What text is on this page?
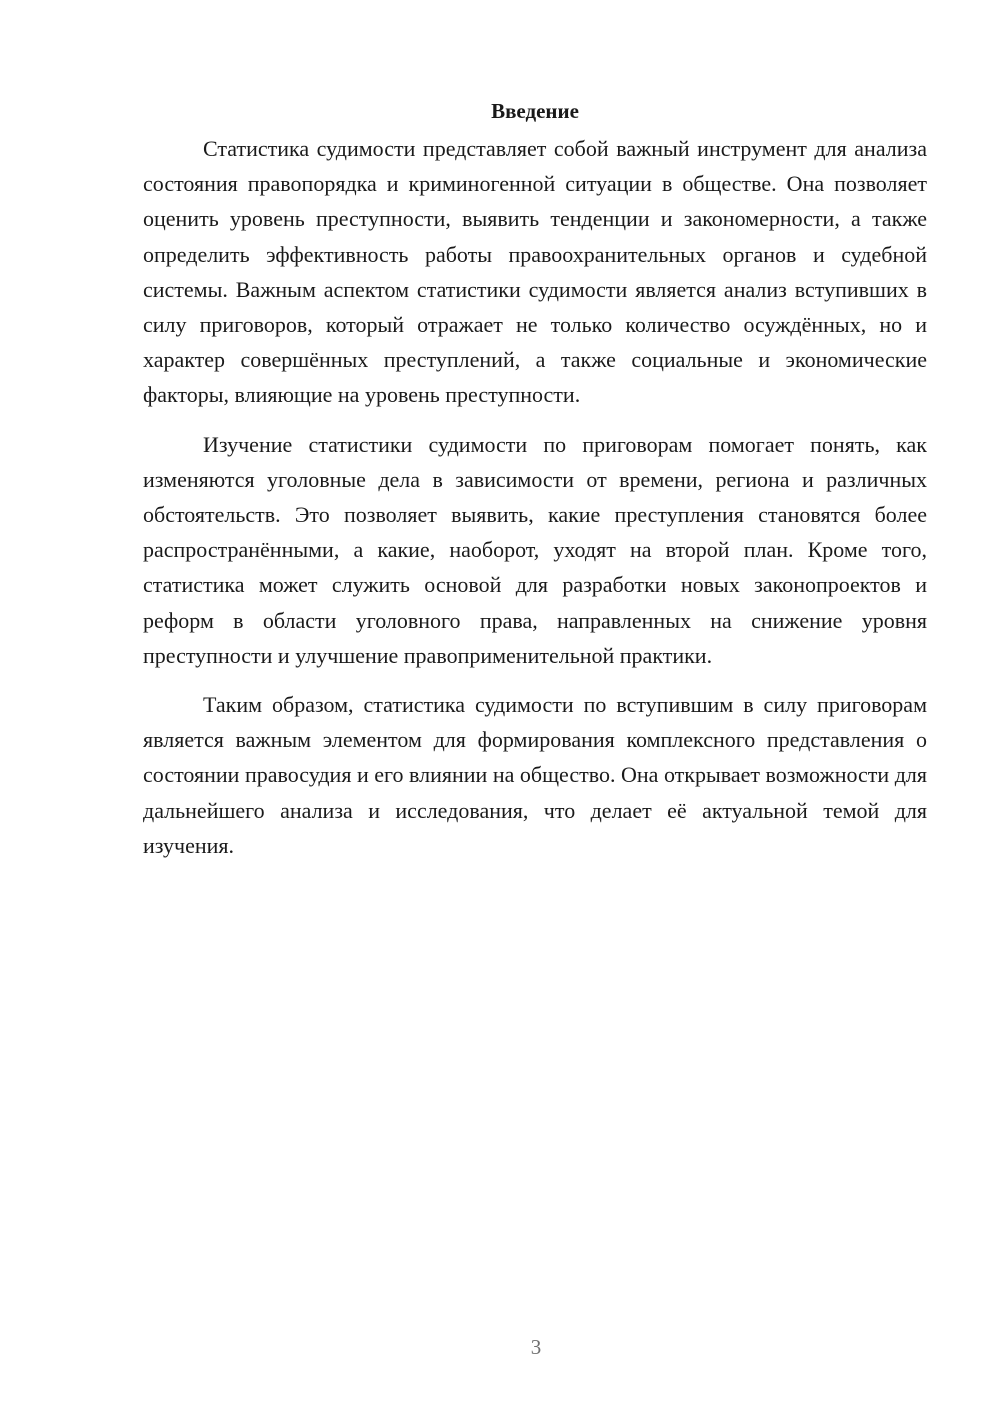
Введение

Статистика судимости представляет собой важный инструмент для анализа состояния правопорядка и криминогенной ситуации в обществе. Она позволяет оценить уровень преступности, выявить тенденции и закономерности, а также определить эффективность работы правоохранительных органов и судебной системы. Важным аспектом статистики судимости является анализ вступивших в силу приговоров, который отражает не только количество осуждённых, но и характер совершённых преступлений, а также социальные и экономические факторы, влияющие на уровень преступности.

Изучение статистики судимости по приговорам помогает понять, как изменяются уголовные дела в зависимости от времени, региона и различных обстоятельств. Это позволяет выявить, какие преступления становятся более распространёнными, а какие, наоборот, уходят на второй план. Кроме того, статистика может служить основой для разработки новых законопроектов и реформ в области уголовного права, направленных на снижение уровня преступности и улучшение правоприменительной практики.

Таким образом, статистика судимости по вступившим в силу приговорам является важным элементом для формирования комплексного представления о состоянии правосудия и его влиянии на общество. Она открывает возможности для дальнейшего анализа и исследования, что делает её актуальной темой для изучения.

3
